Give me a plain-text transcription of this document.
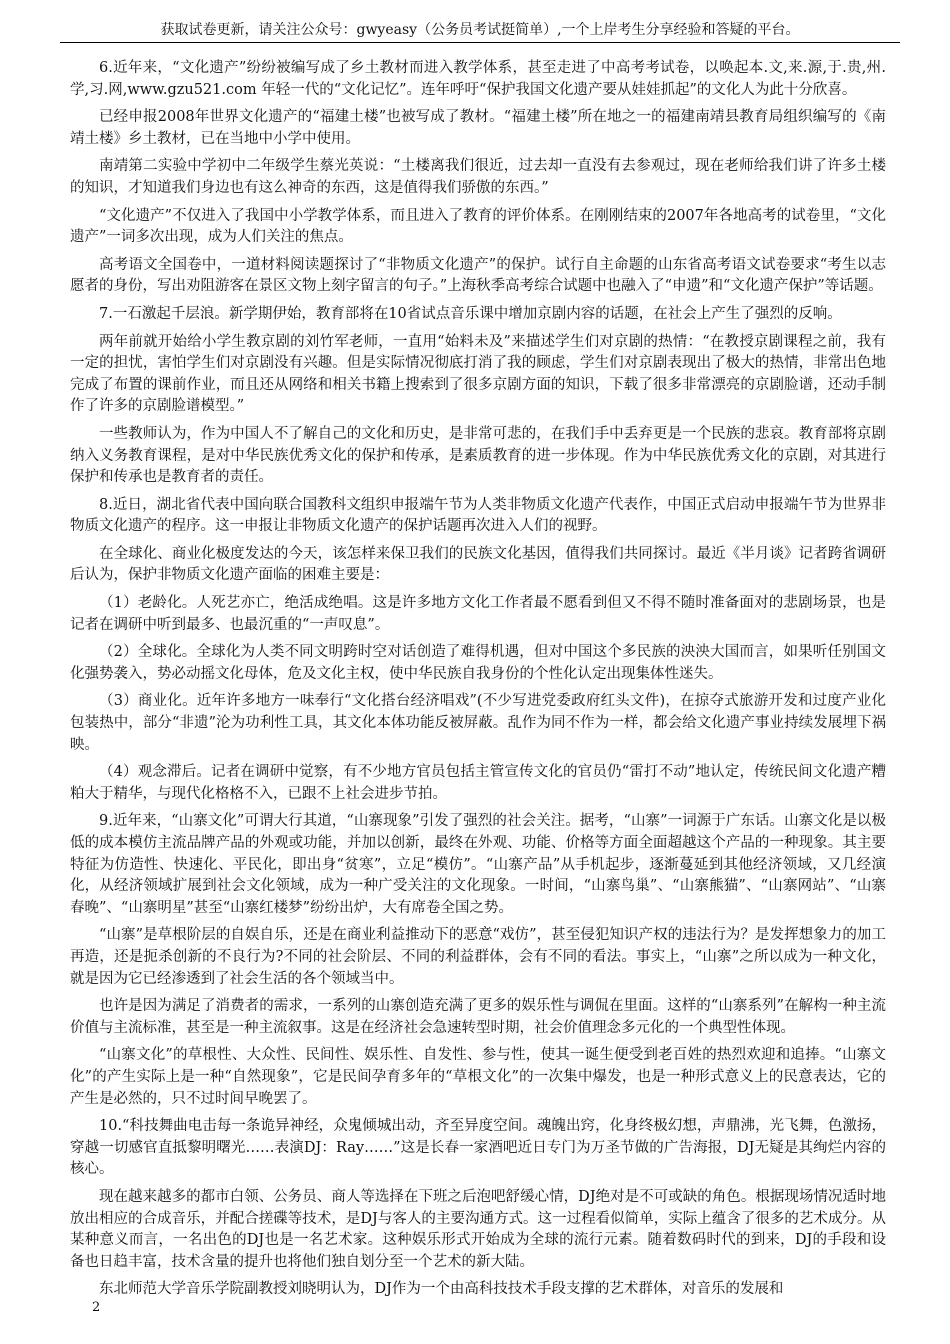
获取试卷更新，请关注公众号：gwyeasy（公务员考试挺简单）,一个上岸考生分享经验和答疑的平台。

6.近年来，“文化遗产”纷纷被编写成了乡土教材而进入教学体系，甚至走进了中高考考试卷，以唤起本.文,来.源,于.贵,州.学,习.网,www.gzu521.com 年轻一代的“文化记忆”。连年呼吁“保护我国文化遗产要从娃娃抓起”的文化人为此十分欣喜。

已经申报2008年世界文化遗产的“福建土楼”也被写成了教材。“福建土楼”所在地之一的福建南靖县教育局组织编写的《南靖土楼》乡土教材，已在当地中小学中使用。

南靖第二实验中学初中二年级学生蔡光英说：“土楼离我们很近，过去却一直没有去参观过，现在老师给我们讲了许多土楼的知识，才知道我们身边也有这么神奇的东西，这是值得我们骄傲的东西。”

“文化遗产”不仅进入了我国中小学教学体系，而且进入了教育的评价体系。在刚刚结束的2007年各地高考的试卷里，“文化遗产”一词多次出现，成为人们关注的焦点。

高考语文全国卷中，一道材料阅读题探讨了“非物质文化遗产”的保护。试行自主命题的山东省高考语文试卷要求“考生以志愿者的身份，写出劝阻游客在景区文物上刻字留言的句子。”上海秋季高考综合试题中也融入了“申遗”和“文化遗产保护”等话题。

7.一石激起千层浪。新学期伊始，教育部将在10省试点音乐课中增加京剧内容的话题，在社会上产生了强烈的反响。

两年前就开始给小学生教京剧的刘竹军老师，一直用“始料未及”来描述学生们对京剧的热情：“在教授京剧课程之前，我有一定的担忧，害怕学生们对京剧没有兴趣。但是实际情况彻底打消了我的顾虑，学生们对京剧表现出了极大的热情，非常出色地完成了布置的课前作业，而且还从网络和相关书籍上搜索到了很多京剧方面的知识，下载了很多非常漂亮的京剧脸谱，还动手制作了许多的京剧脸谱模型。”

一些教师认为，作为中国人不了解自己的文化和历史，是非常可悲的，在我们手中丢弃更是一个民族的悲哀。教育部将京剧纳入义务教育课程，是对中华民族优秀文化的保护和传承，是素质教育的进一步体现。作为中华民族优秀文化的京剧，对其进行保护和传承也是教育者的责任。

8.近日，湖北省代表中国向联合国教科文组织申报端午节为人类非物质文化遗产代表作，中国正式启动申报端午节为世界非物质文化遗产的程序。这一申报让非物质文化遗产的保护话题再次进入人们的视野。

在全球化、商业化极度发达的今天，该怎样来保卫我们的民族文化基因，值得我们共同探讨。最近《半月谈》记者跨省调研后认为，保护非物质文化遗产面临的困难主要是：

（1）老龄化。人死艺亦亡，绝活成绝唱。这是许多地方文化工作者最不愿看到但又不得不随时准备面对的悲剧场景，也是记者在调研中听到最多、也最沉重的“一声叹息”。

（2）全球化。全球化为人类不同文明跨时空对话创造了难得机遇，但对中国这个多民族的泱泱大国而言，如果听任别国文化强势袭入，势必动摇文化母体，危及文化主权，使中华民族自我身份的个性化认定出现集体性迷失。

（3）商业化。近年许多地方一味奉行“文化搭台经济唱戏”(不少写进党委政府红头文件)，在掠夺式旅游开发和过度产业化包装热中，部分“非遗”沦为功利性工具，其文化本体功能反被屏蔽。乱作为同不作为一样，都会给文化遗产事业持续发展埋下祸映。

（4）观念滞后。记者在调研中觉察，有不少地方官员包括主管宣传文化的官员仍“雷打不动”地认定，传统民间文化遗产糟粕大于精华，与现代化格格不入，已跟不上社会进步节拍。

9.近年来，“山寨文化”可谓大行其道，“山寨现象”引发了强烈的社会关注。据考，“山寨”一词源于广东话。山寨文化是以极低的成本模仿主流品牌产品的外观或功能，并加以创新，最终在外观、功能、价格等方面全面超越这个产品的一种现象。其主要特征为仿造性、快速化、平民化，即出身“贫寒”，立足“模仿”。“山寨产品”从手机起步，逐渐蔓延到其他经济领域，又几经演化，从经济领域扩展到社会文化领域，成为一种广受关注的文化现象。一时间，“山寨鸟巢”、“山寨熊猫”、“山寨网站”、“山寨春晚”、“山寨明星”甚至“山寨红楼梦”纷纷出炉，大有席卷全国之势。

“山寨”是草根阶层的自娱自乐，还是在商业利益推动下的恶意“戏仿”，甚至侵犯知识产权的违法行为？是发挥想象力的加工再造，还是扼杀创新的不良行为?不同的社会阶层、不同的利益群体，会有不同的看法。事实上，“山寨”之所以成为一种文化，就是因为它已经渗透到了社会生活的各个领域当中。

也许是因为满足了消费者的需求，一系列的山寨创造充满了更多的娱乐性与调侃在里面。这样的“山寨系列”在解构一种主流价值与主流标准，甚至是一种主流叙事。这是在经济社会急速转型时期，社会价值理念多元化的一个典型性体现。

“山寨文化”的草根性、大众性、民间性、娱乐性、自发性、参与性，使其一诞生便受到老百姓的热烈欢迎和追捧。“山寨文化”的产生实际上是一种“自然现象”，它是民间孕育多年的“草根文化”的一次集中爆发，也是一种形式意义上的民意表达，它的产生是必然的，只不过时间早晚罢了。

10.“科技舞曲电击每一条诡异神经，众鬼倾城出动，齐至异度空间。魂魄出窍，化身终极幻想，声鼎沸，光飞舞，色激扬，穿越一切感官直抵黎明曙光……表演DJ：Ray……”这是长春一家酒吧近日专门为万圣节做的广告海报，DJ无疑是其绚烂内容的核心。

现在越来越多的都市白领、公务员、商人等选择在下班之后泡吧舒缓心情，DJ绝对是不可或缺的角色。根据现场情况适时地放出相应的合成音乐，并配合搓碟等技术，是DJ与客人的主要沟通方式。这一过程看似简单，实际上蕴含了很多的艺术成分。从某种意义而言，一名出色的DJ也是一名艺术家。这种娱乐形式开始成为全球的流行元素。随着数码时代的到来，DJ的手段和设备也日趋丰富，技术含量的提升也将他们独自划分至一个艺术的新大陆。

东北师范大学音乐学院副教授刘晓明认为，DJ作为一个由高科技技术手段支撑的艺术群体，对音乐的发展和

2
